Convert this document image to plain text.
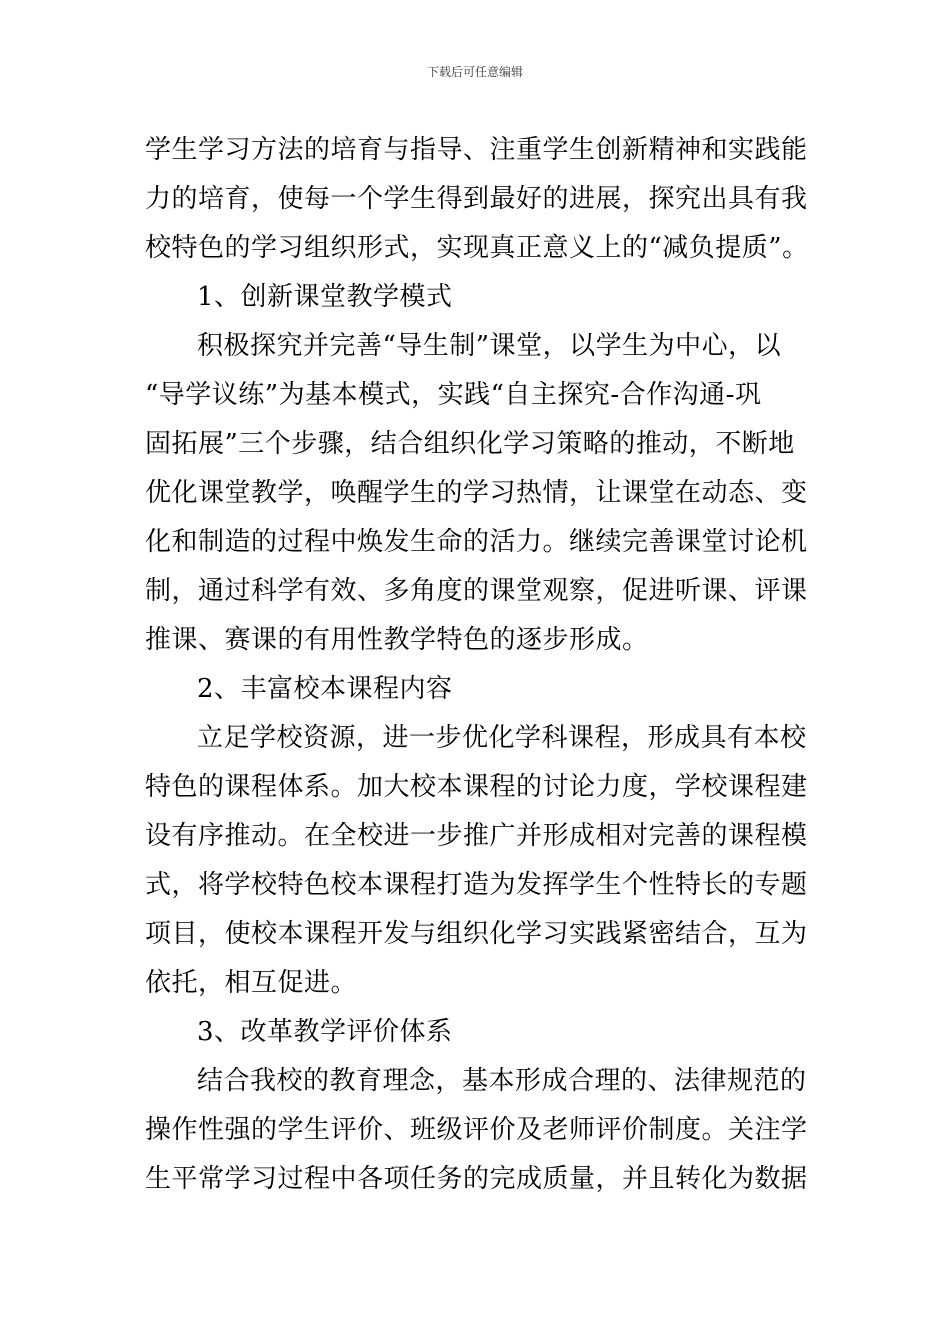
下载后可任意编辑
学生学习方法的培育与指导、注重学生创新精神和实践能
力的培育，使每一个学生得到最好的进展，探究出具有我
校特色的学习组织形式，实现真正意义上的“减负提质”。
1、创新课堂教学模式
积极探究并完善“导生制”课堂，以学生为中心，以
“导学议练”为基本模式，实践“自主探究-合作沟通-巩
固拓展”三个步骤，结合组织化学习策略的推动，不断地
优化课堂教学，唤醒学生的学习热情，让课堂在动态、变
化和制造的过程中焕发生命的活力。继续完善课堂讨论机
制，通过科学有效、多角度的课堂观察，促进听课、评课
推课、赛课的有用性教学特色的逐步形成。
2、丰富校本课程内容
立足学校资源，进一步优化学科课程，形成具有本校
特色的课程体系。加大校本课程的讨论力度，学校课程建
设有序推动。在全校进一步推广并形成相对完善的课程模
式，将学校特色校本课程打造为发挥学生个性特长的专题
项目，使校本课程开发与组织化学习实践紧密结合，互为
依托，相互促进。
3、改革教学评价体系
结合我校的教育理念，基本形成合理的、法律规范的
操作性强的学生评价、班级评价及老师评价制度。关注学
生平常学习过程中各项任务的完成质量，并且转化为数据
